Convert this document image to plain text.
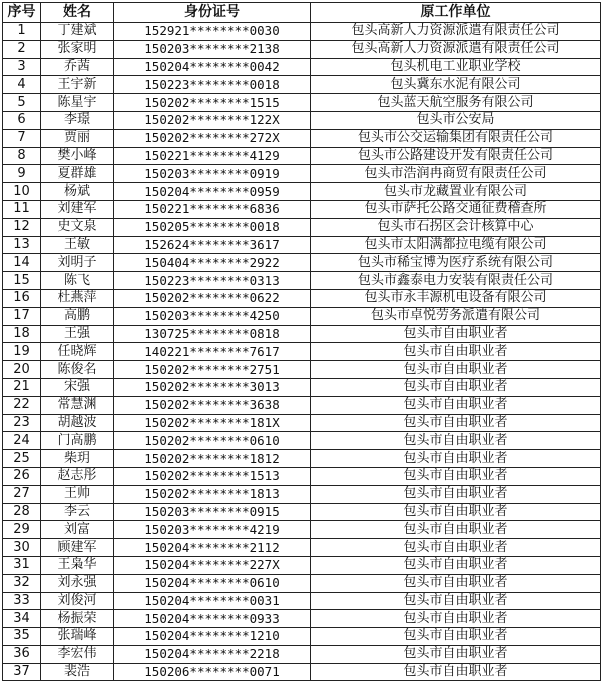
序号	姓名	身份证号	原工作单位
1	丁建斌	152921********0030	包头高新人力资源派遣有限责任公司
2	张家明	150203********2138	包头高新人力资源派遣有限责任公司
3	乔茜	150204********0042	包头机电工业职业学校
4	王宇新	150223********0018	包头冀东水泥有限公司
5	陈星宇	150202********1515	包头蓝天航空服务有限公司
6	李璟	150202********122X	包头市公安局
7	贾丽	150202********272X	包头市公交运输集团有限责任公司
8	樊小峰	150221********4129	包头市公路建设开发有限责任公司
9	夏群雄	150203********0919	包头市浩润冉商贸有限责任公司
10	杨斌	150204********0959	包头市龙藏置业有限公司
11	刘建军	150221********6836	包头市萨托公路交通征费稽查所
12	史文泉	150205********0018	包头市石拐区会计核算中心
13	王敏	152624********3617	包头市太阳满都拉电缆有限公司
14	刘明子	150404********2922	包头市稀宝博为医疗系统有限公司
15	陈飞	150223********0313	包头市鑫泰电力安装有限责任公司
16	杜燕萍	150202********0622	包头市永丰源机电设备有限公司
17	高鹏	150203********4250	包头市卓悦劳务派遣有限公司
18	王强	130725********0818	包头市自由职业者
19	任晓辉	140221********7617	包头市自由职业者
20	陈俊名	150202********2751	包头市自由职业者
21	宋强	150202********3013	包头市自由职业者
22	常慧渊	150202********3638	包头市自由职业者
23	胡越波	150202********181X	包头市自由职业者
24	门高鹏	150202********0610	包头市自由职业者
25	柴玥	150202********1812	包头市自由职业者
26	赵志彤	150202********1513	包头市自由职业者
27	王帅	150202********1813	包头市自由职业者
28	李云	150203********0915	包头市自由职业者
29	刘富	150203********4219	包头市自由职业者
30	顾建军	150204********2112	包头市自由职业者
31	王枭华	150204********227X	包头市自由职业者
32	刘永强	150204********0610	包头市自由职业者
33	刘俊河	150204********0031	包头市自由职业者
34	杨振荣	150204********0933	包头市自由职业者
35	张瑞峰	150204********1210	包头市自由职业者
36	李宏伟	150204********2218	包头市自由职业者
37	裴浩	150206********0071	包头市自由职业者
